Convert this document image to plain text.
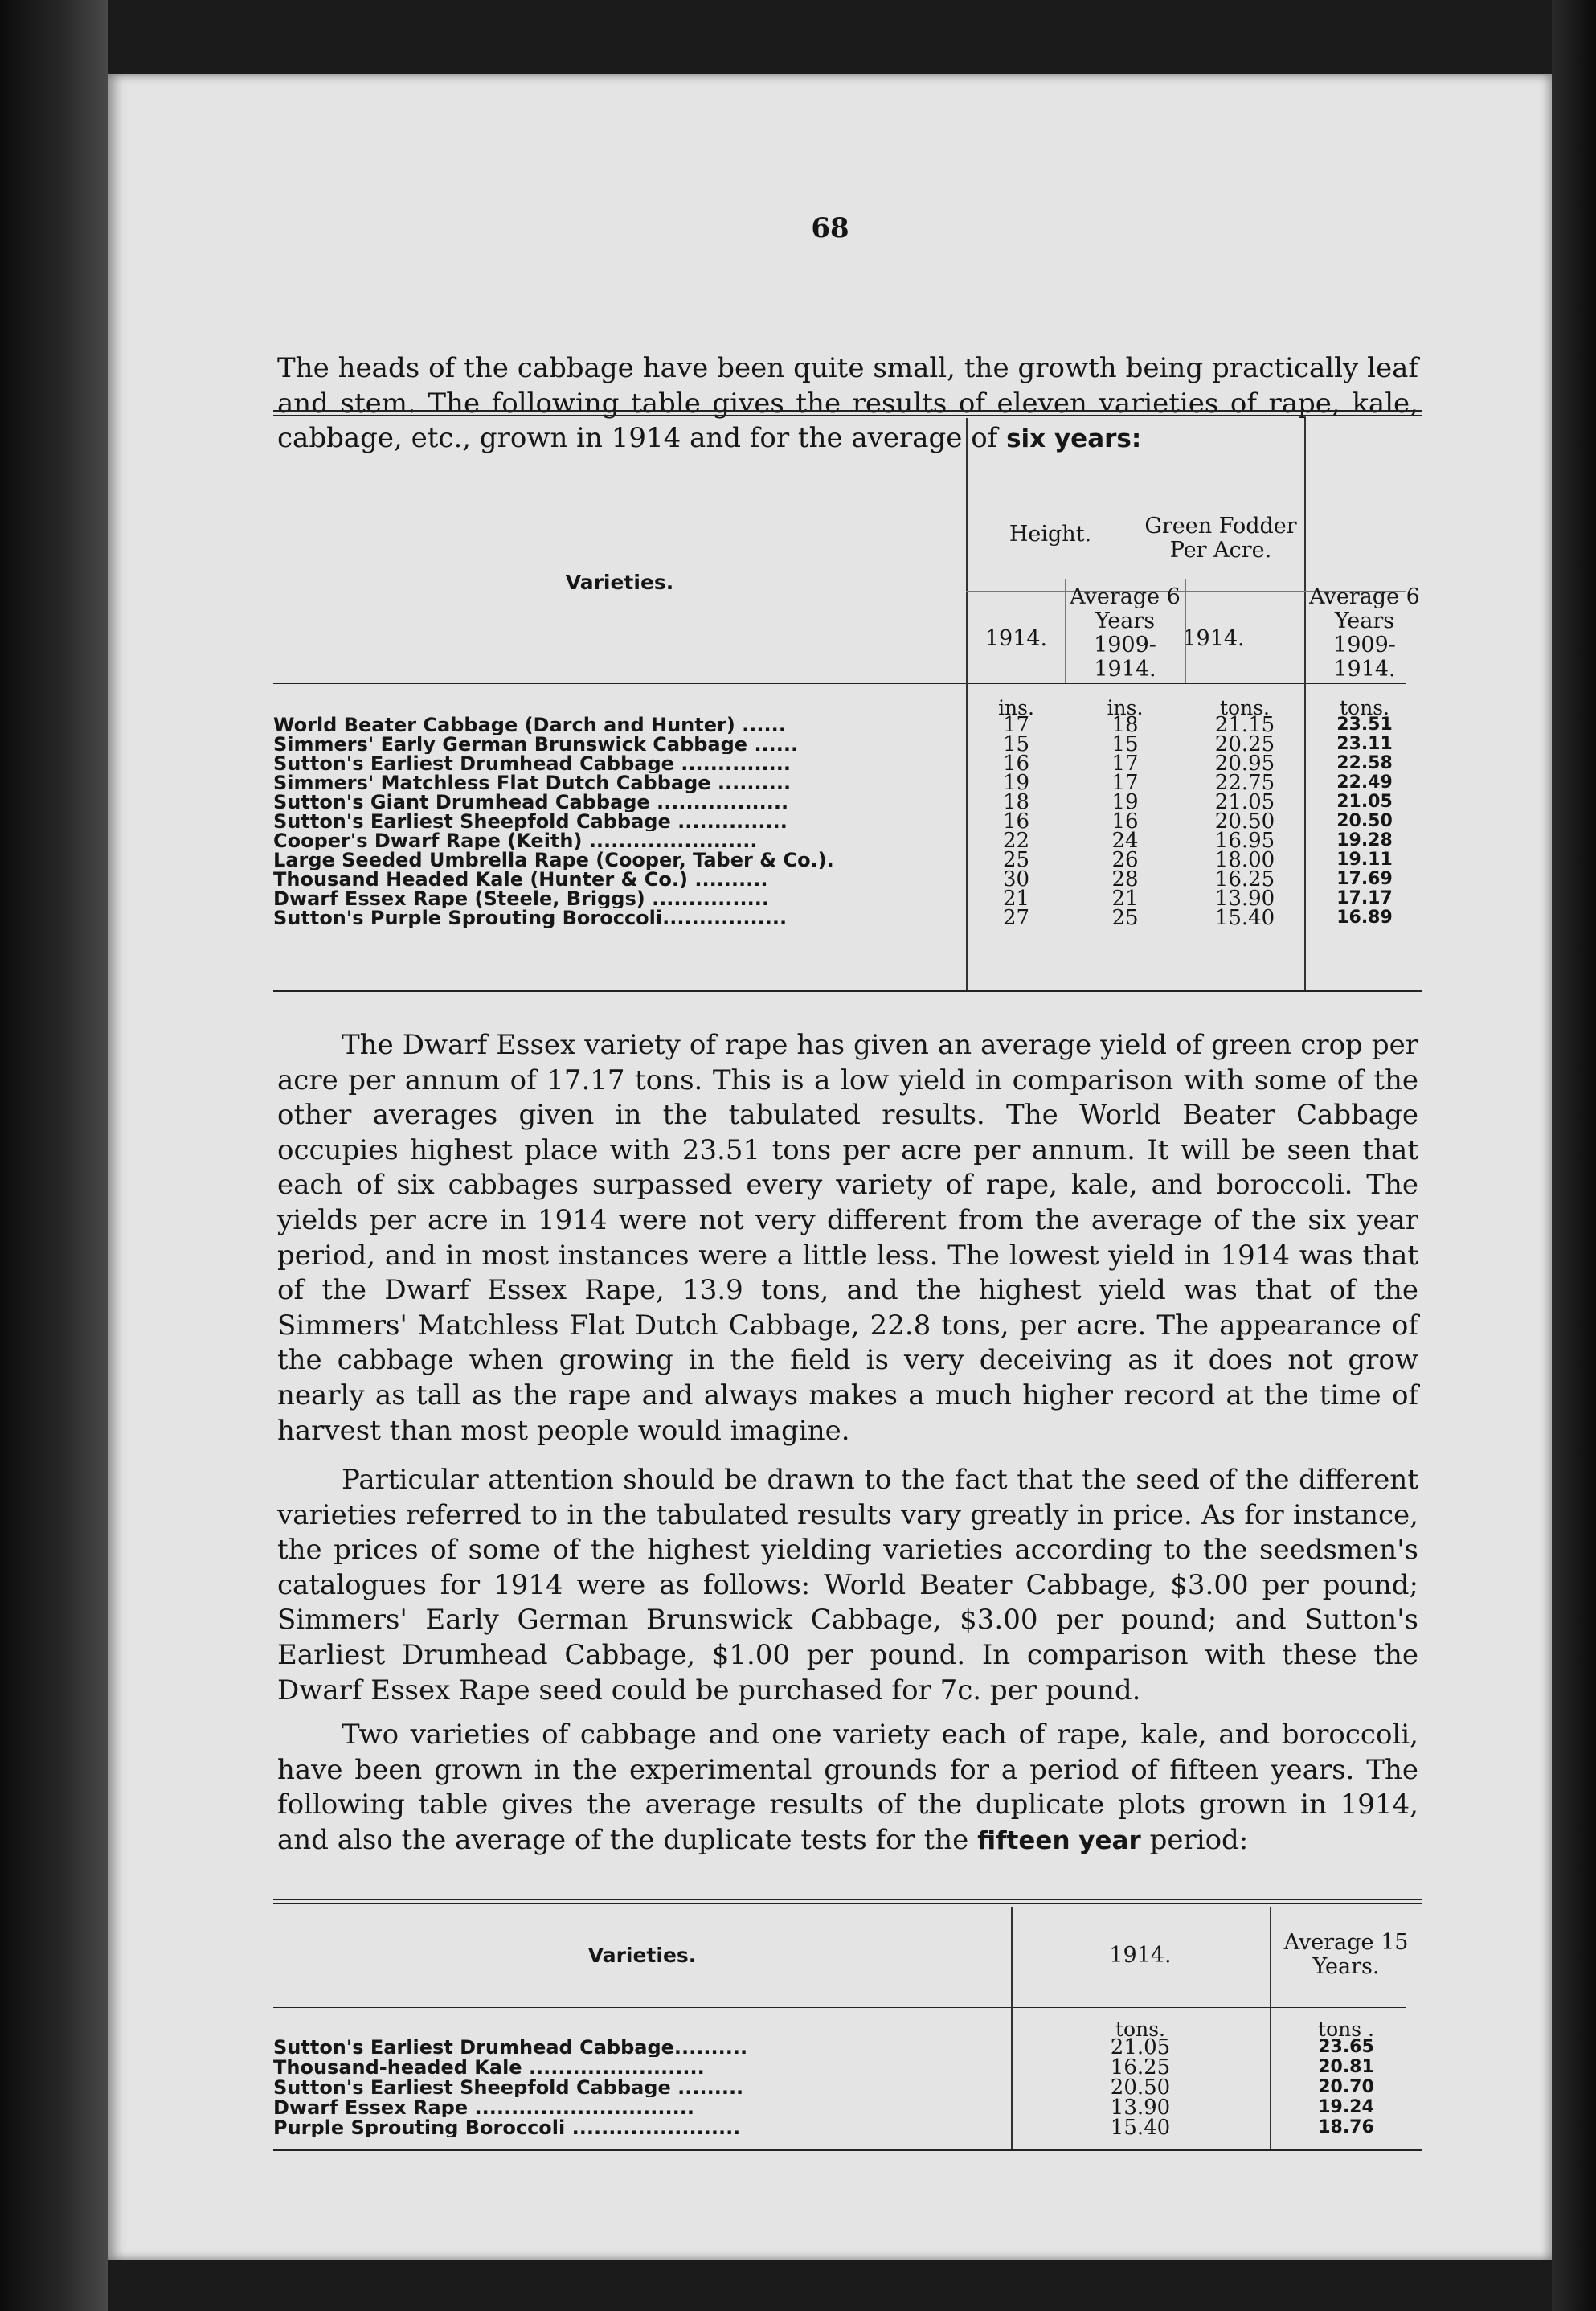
68
The heads of the cabbage have been quite small, the growth being practically leaf and stem. The following table gives the results of eleven varieties of rape, kale, cabbage, etc., grown in 1914 and for the average of six years:
Varieties.
Height.	Green Fodder Per Acre.
1914.
Average 6 Years 1909-1914.
1914.
Average 6 Years 1909-1914.
ins.	ins.	tons.	tons.
World Beater Cabbage (Darch and Hunter) ......	17	18	21.15	23.51
Simmers' Early German Brunswick Cabbage ......	15	15	20.25	23.11
Sutton's Earliest Drumhead Cabbage ...............	16	17	20.95	22.58
Simmers' Matchless Flat Dutch Cabbage ..........	19	17	22.75	22.49
Sutton's Giant Drumhead Cabbage ..................	18	19	21.05	21.05
Sutton's Earliest Sheepfold Cabbage ...............	16	16	20.50	20.50
Cooper's Dwarf Rape (Keith) .......................	22	24	16.95	19.28
Large Seeded Umbrella Rape (Cooper, Taber & Co.).	25	26	18.00	19.11
Thousand Headed Kale (Hunter & Co.) ..........	30	28	16.25	17.69
Dwarf Essex Rape (Steele, Briggs) ................	21	21	13.90	17.17
Sutton's Purple Sprouting Boroccoli.................	27	25	15.40	16.89
The Dwarf Essex variety of rape has given an average yield of green crop per acre per annum of 17.17 tons. This is a low yield in comparison with some of the other averages given in the tabulated results. The World Beater Cabbage occupies highest place with 23.51 tons per acre per annum. It will be seen that each of six cabbages surpassed every variety of rape, kale, and boroccoli. The yields per acre in 1914 were not very different from the average of the six year period, and in most instances were a little less. The lowest yield in 1914 was that of the Dwarf Essex Rape, 13.9 tons, and the highest yield was that of the Simmers' Matchless Flat Dutch Cabbage, 22.8 tons, per acre. The appearance of the cabbage when growing in the field is very deceiving as it does not grow nearly as tall as the rape and always makes a much higher record at the time of harvest than most people would imagine.
Particular attention should be drawn to the fact that the seed of the different varieties referred to in the tabulated results vary greatly in price. As for instance, the prices of some of the highest yielding varieties according to the seedsmen's catalogues for 1914 were as follows: World Beater Cabbage, $3.00 per pound; Simmers' Early German Brunswick Cabbage, $3.00 per pound; and Sutton's Earliest Drumhead Cabbage, $1.00 per pound. In comparison with these the Dwarf Essex Rape seed could be purchased for 7c. per pound.
Two varieties of cabbage and one variety each of rape, kale, and boroccoli, have been grown in the experimental grounds for a period of fifteen years. The following table gives the average results of the duplicate plots grown in 1914, and also the average of the duplicate tests for the fifteen year period:
Varieties.	1914.
Average 15 Years.
tons.	tons .
Sutton's Earliest Drumhead Cabbage..........	21.05	23.65
Thousand-headed Kale ........................	16.25	20.81
Sutton's Earliest Sheepfold Cabbage .........	20.50	20.70
Dwarf Essex Rape ..............................	13.90	19.24
Purple Sprouting Boroccoli .......................	15.40	18.76
